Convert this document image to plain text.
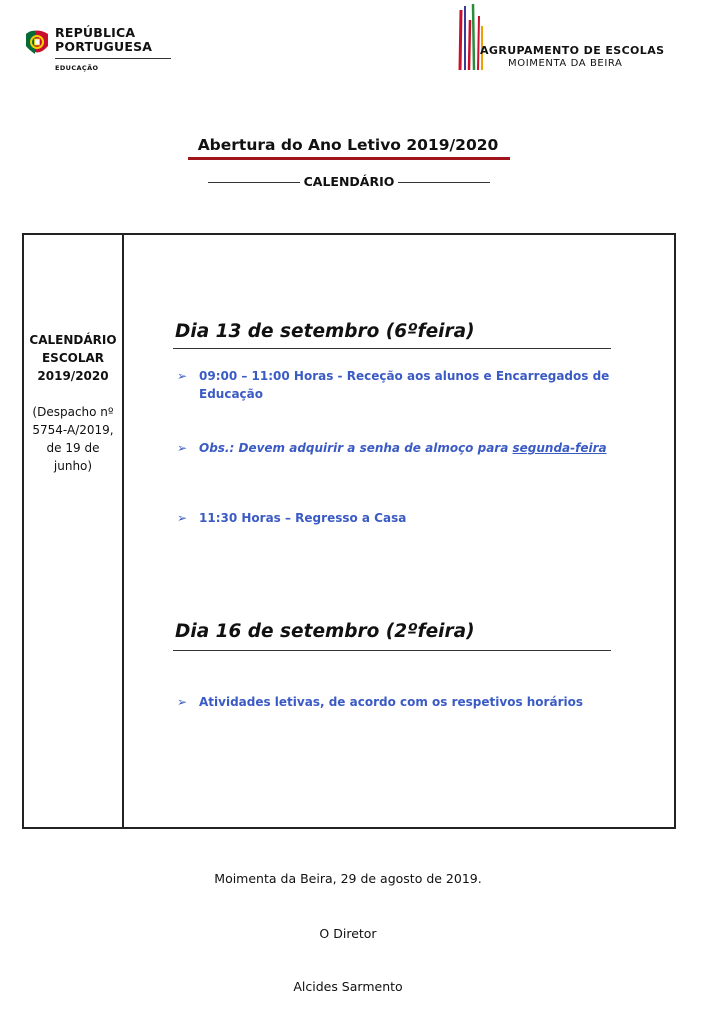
REPÚBLICA
PORTUGUESA
EDUCAÇÃO
AGRUPAMENTO DE ESCOLAS
MOIMENTA DA BEIRA
Abertura do Ano Letivo 2019/2020
CALENDÁRIO
CALENDÁRIO
ESCOLAR
2019/2020
(Despacho nº
5754-A/2019,
de 19 de
junho)
Dia 13 de setembro (6ºfeira)
➢ 09:00 – 11:00 Horas - Receção aos alunos e Encarregados de Educação
➢ Obs.: Devem adquirir a senha de almoço para segunda-feira
➢ 11:30 Horas – Regresso a Casa
Dia 16 de setembro (2ºfeira)
➢ Atividades letivas, de acordo com os respetivos horários
Moimenta da Beira, 29 de agosto de 2019.
O Diretor
Alcides Sarmento
